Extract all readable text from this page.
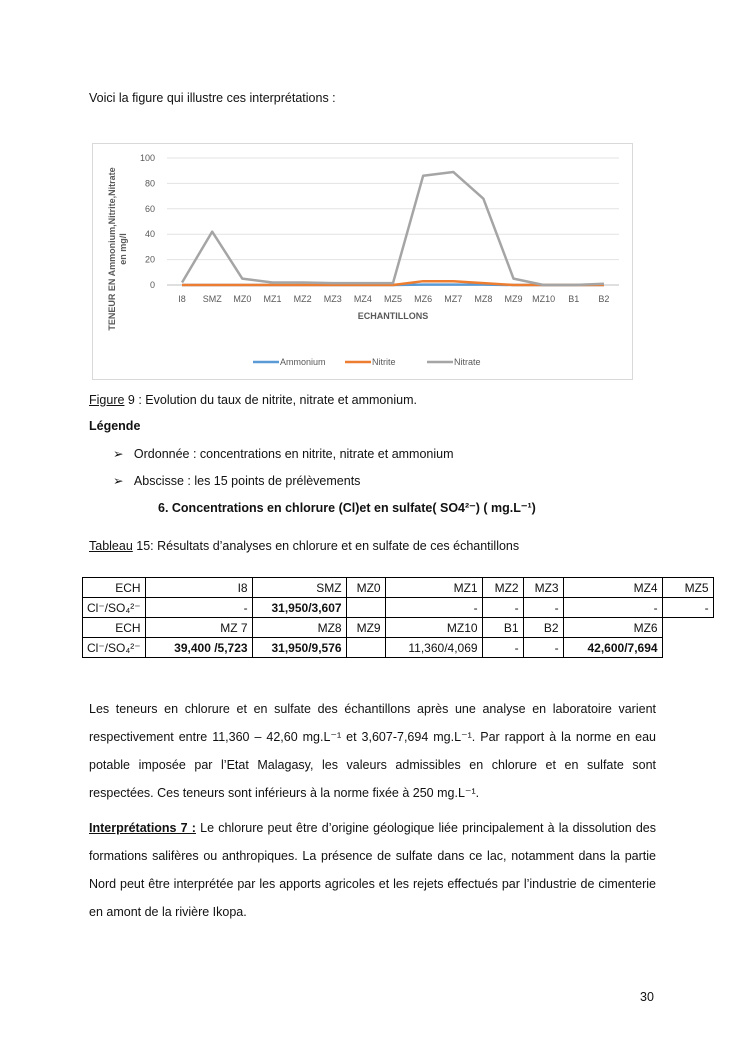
Voici la figure qui illustre ces interprétations :
0
20
40
60
80
100
I8 SMZ MZ0 MZ1 MZ2 MZ3 MZ4 MZ5 MZ6 MZ7 MZ8 MZ9 MZ10 B1 B2
ECHANTILLONS
TENEUR EN Ammonium,Nitrite,Nitrate en mg/l
Ammonium	Nitrite	Nitrate
Figure 9 : Evolution du taux de nitrite, nitrate et ammonium.
Légende
➢ Ordonnée : concentrations en nitrite, nitrate et ammonium
➢ Abscisse : les 15 points de prélèvements
6. Concentrations en chlorure (Cl)et en sulfate( SO4²⁻) ( mg.L⁻¹)
Tableau 15: Résultats d’analyses en chlorure et en sulfate de ces échantillons
ECH	I8	SMZ	MZ0	MZ1	MZ2	MZ3	MZ4	MZ5
Cl⁻/SO₄²⁻	-	31,950/3,607		-	-	-	-	-
ECH	MZ 7	MZ8	MZ9	MZ10	B1	B2	MZ6	
Cl⁻/SO₄²⁻	39,400 /5,723	31,950/9,576		11,360/4,069	-	-	42,600/7,694	
Les teneurs en chlorure et en sulfate des échantillons après une analyse en laboratoire varient respectivement entre 11,360 – 42,60 mg.L⁻¹ et 3,607-7,694 mg.L⁻¹. Par rapport à la norme en eau potable imposée par l’Etat Malagasy, les valeurs admissibles en chlorure et en sulfate sont respectées. Ces teneurs sont inférieurs à la norme fixée à 250 mg.L⁻¹.
Interprétations 7 : Le chlorure peut être d’origine géologique liée principalement à la dissolution des formations salifères ou anthropiques. La présence de sulfate dans ce lac, notamment dans la partie Nord peut être interprétée par les apports agricoles et les rejets effectués par l’industrie de cimenterie en amont de la rivière Ikopa.
30
